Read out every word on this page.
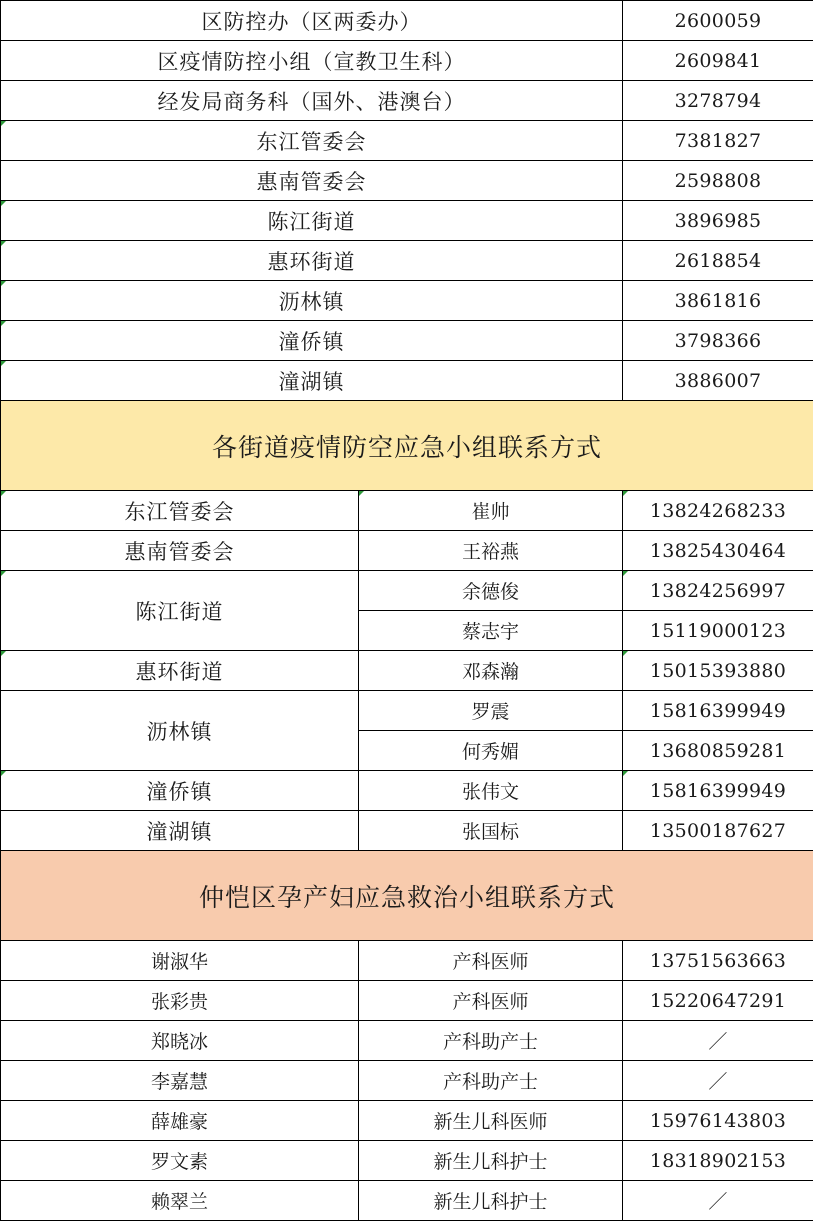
区防控办（区两委办）		2600059
区疫情防控小组（宣教卫生科）		2609841
经发局商务科（国外、港澳台）		3278794
东江管委会		7381827
惠南管委会		2598808
陈江街道		3896985
惠环街道		2618854
沥林镇		3861816
潼侨镇		3798366
潼湖镇		3886007
各街道疫情防空应急小组联系方式		
东江管委会	崔帅	13824268233
惠南管委会	王裕燕	13825430464
陈江街道	余德俊	13824256997
	蔡志宇	15119000123
惠环街道	邓森瀚	15015393880
沥林镇	罗震	15816399949
	何秀媚	13680859281
潼侨镇	张伟文	15816399949
潼湖镇	张国标	13500187627
仲恺区孕产妇应急救治小组联系方式		
谢淑华	产科医师	13751563663
张彩贵	产科医师	15220647291
郑晓冰	产科助产士	／
李嘉慧	产科助产士	／
薛雄豪	新生儿科医师	15976143803
罗文素	新生儿科护士	18318902153
赖翠兰	新生儿科护士	／
